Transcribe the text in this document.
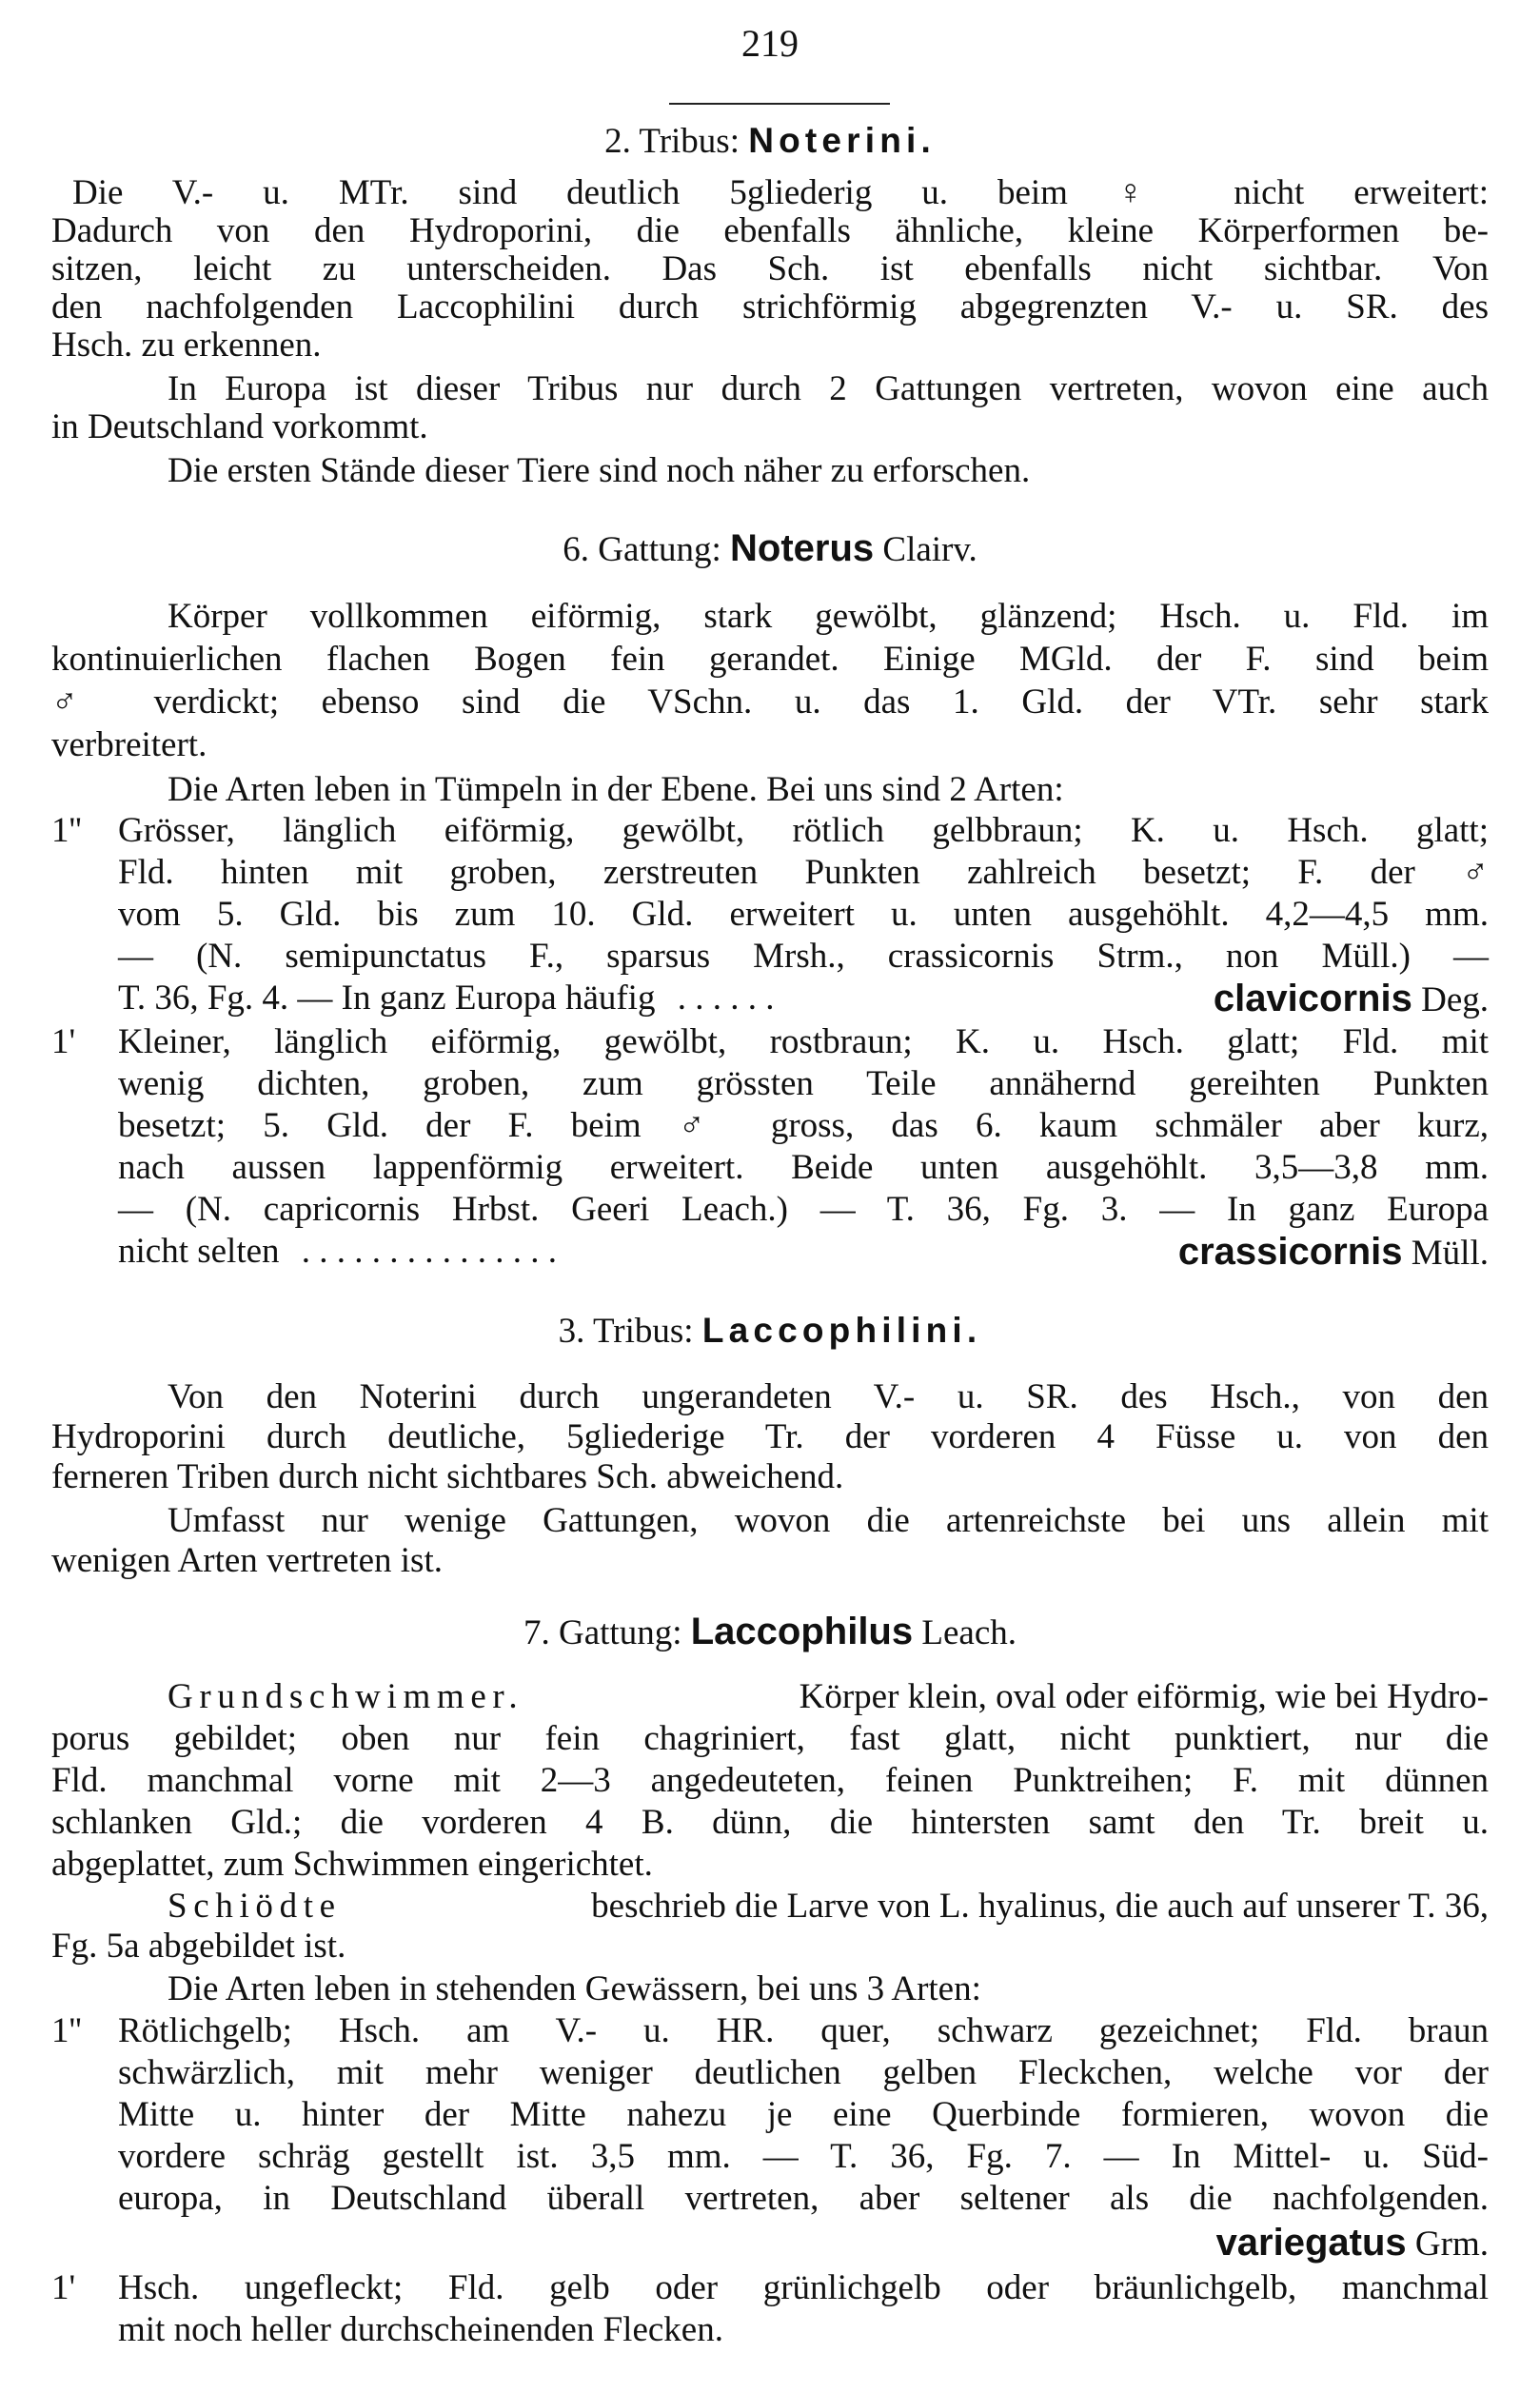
219
2. Tribus: Noterini.
Die V.- u. MTr. sind deutlich 5gliederig u. beim ♀ nicht erweitert:
Dadurch von den Hydroporini, die ebenfalls ähnliche, kleine Körperformen be-
sitzen, leicht zu unterscheiden. Das Sch. ist ebenfalls nicht sichtbar. Von
den nachfolgenden Laccophilini durch strichförmig abgegrenzten V.- u. SR. des
Hsch. zu erkennen.
In Europa ist dieser Tribus nur durch 2 Gattungen vertreten, wovon eine auch
in Deutschland vorkommt.
Die ersten Stände dieser Tiere sind noch näher zu erforschen.
6. Gattung: Noterus Clairv.
Körper vollkommen eiförmig, stark gewölbt, glänzend; Hsch. u. Fld. im
kontinuierlichen flachen Bogen fein gerandet. Einige MGld. der F. sind beim
♂ verdickt; ebenso sind die VSchn. u. das 1. Gld. der VTr. sehr stark
verbreitert.
Die Arten leben in Tümpeln in der Ebene. Bei uns sind 2 Arten:
1''	Grösser, länglich eiförmig, gewölbt, rötlich gelbbraun; K. u. Hsch. glatt;
Fld. hinten mit groben, zerstreuten Punkten zahlreich besetzt; F. der ♂
vom 5. Gld. bis zum 10. Gld. erweitert u. unten ausgehöhlt. 4,2—4,5 mm.
— (N. semipunctatus F., sparsus Mrsh., crassicornis Strm., non Müll.) —
T. 36, Fg. 4. — In ganz Europa häufig . . . . . .	clavicornis Deg.
1'	Kleiner, länglich eiförmig, gewölbt, rostbraun; K. u. Hsch. glatt; Fld. mit
wenig dichten, groben, zum grössten Teile annähernd gereihten Punkten
besetzt; 5. Gld. der F. beim ♂ gross, das 6. kaum schmäler aber kurz,
nach aussen lappenförmig erweitert. Beide unten ausgehöhlt. 3,5—3,8 mm.
— (N. capricornis Hrbst. Geeri Leach.) — T. 36, Fg. 3. — In ganz Europa
nicht selten . . . . . . . . . . . . . . .	crassicornis Müll.
3. Tribus: Laccophilini.
Von den Noterini durch ungerandeten V.- u. SR. des Hsch., von den
Hydroporini durch deutliche, 5gliederige Tr. der vorderen 4 Füsse u. von den
ferneren Triben durch nicht sichtbares Sch. abweichend.
Umfasst nur wenige Gattungen, wovon die artenreichste bei uns allein mit
wenigen Arten vertreten ist.
7. Gattung: Laccophilus Leach.
Grundschwimmer.	Körper klein, oval oder eiförmig, wie bei Hydro-
porus gebildet; oben nur fein chagriniert, fast glatt, nicht punktiert, nur die
Fld. manchmal vorne mit 2—3 angedeuteten, feinen Punktreihen; F. mit dünnen
schlanken Gld.; die vorderen 4 B. dünn, die hintersten samt den Tr. breit u.
abgeplattet, zum Schwimmen eingerichtet.
Schiödte	beschrieb die Larve von L. hyalinus, die auch auf unserer T. 36,
Fg. 5a abgebildet ist.
Die Arten leben in stehenden Gewässern, bei uns 3 Arten:
1''	Rötlichgelb; Hsch. am V.- u. HR. quer, schwarz gezeichnet; Fld. braun
schwärzlich, mit mehr weniger deutlichen gelben Fleckchen, welche vor der
Mitte u. hinter der Mitte nahezu je eine Querbinde formieren, wovon die
vordere schräg gestellt ist. 3,5 mm. — T. 36, Fg. 7. — In Mittel- u. Süd-
europa, in Deutschland überall vertreten, aber seltener als die nachfolgenden.
variegatus Grm.
1'	Hsch. ungefleckt; Fld. gelb oder grünlichgelb oder bräunlichgelb, manchmal
mit noch heller durchscheinenden Flecken.
